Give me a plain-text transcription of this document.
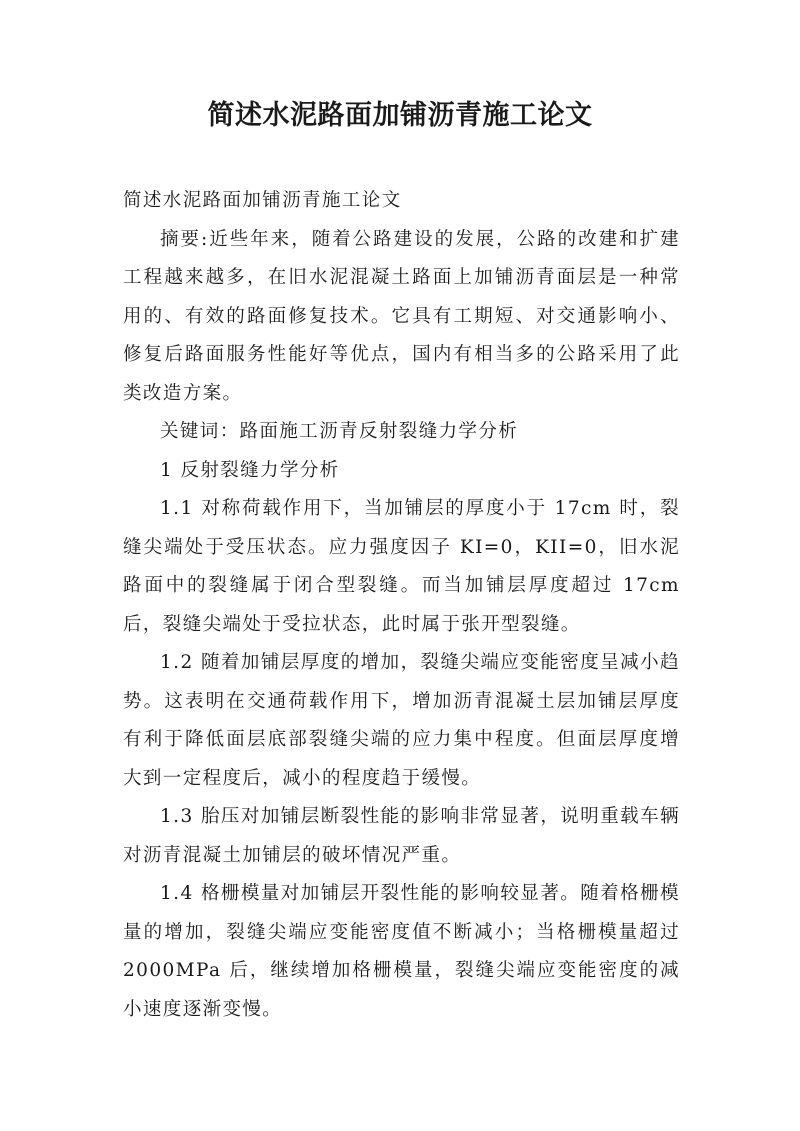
简述水泥路面加铺沥青施工论文

简述水泥路面加铺沥青施工论文

摘要:近些年来，随着公路建设的发展，公路的改建和扩建工程越来越多，在旧水泥混凝土路面上加铺沥青面层是一种常用的、有效的路面修复技术。它具有工期短、对交通影响小、修复后路面服务性能好等优点，国内有相当多的公路采用了此类改造方案。

关键词：路面施工沥青反射裂缝力学分析

1 反射裂缝力学分析

1.1 对称荷载作用下，当加铺层的厚度小于 17cm 时，裂缝尖端处于受压状态。应力强度因子 KI=0，KII=0，旧水泥路面中的裂缝属于闭合型裂缝。而当加铺层厚度超过 17cm 后，裂缝尖端处于受拉状态，此时属于张开型裂缝。

1.2 随着加铺层厚度的增加，裂缝尖端应变能密度呈减小趋势。这表明在交通荷载作用下，增加沥青混凝土层加铺层厚度有利于降低面层底部裂缝尖端的应力集中程度。但面层厚度增大到一定程度后，减小的程度趋于缓慢。

1.3 胎压对加铺层断裂性能的影响非常显著，说明重载车辆对沥青混凝土加铺层的破坏情况严重。

1.4 格栅模量对加铺层开裂性能的影响较显著。随着格栅模量的增加，裂缝尖端应变能密度值不断减小；当格栅模量超过 2000MPa 后，继续增加格栅模量，裂缝尖端应变能密度的减小速度逐渐变慢。
